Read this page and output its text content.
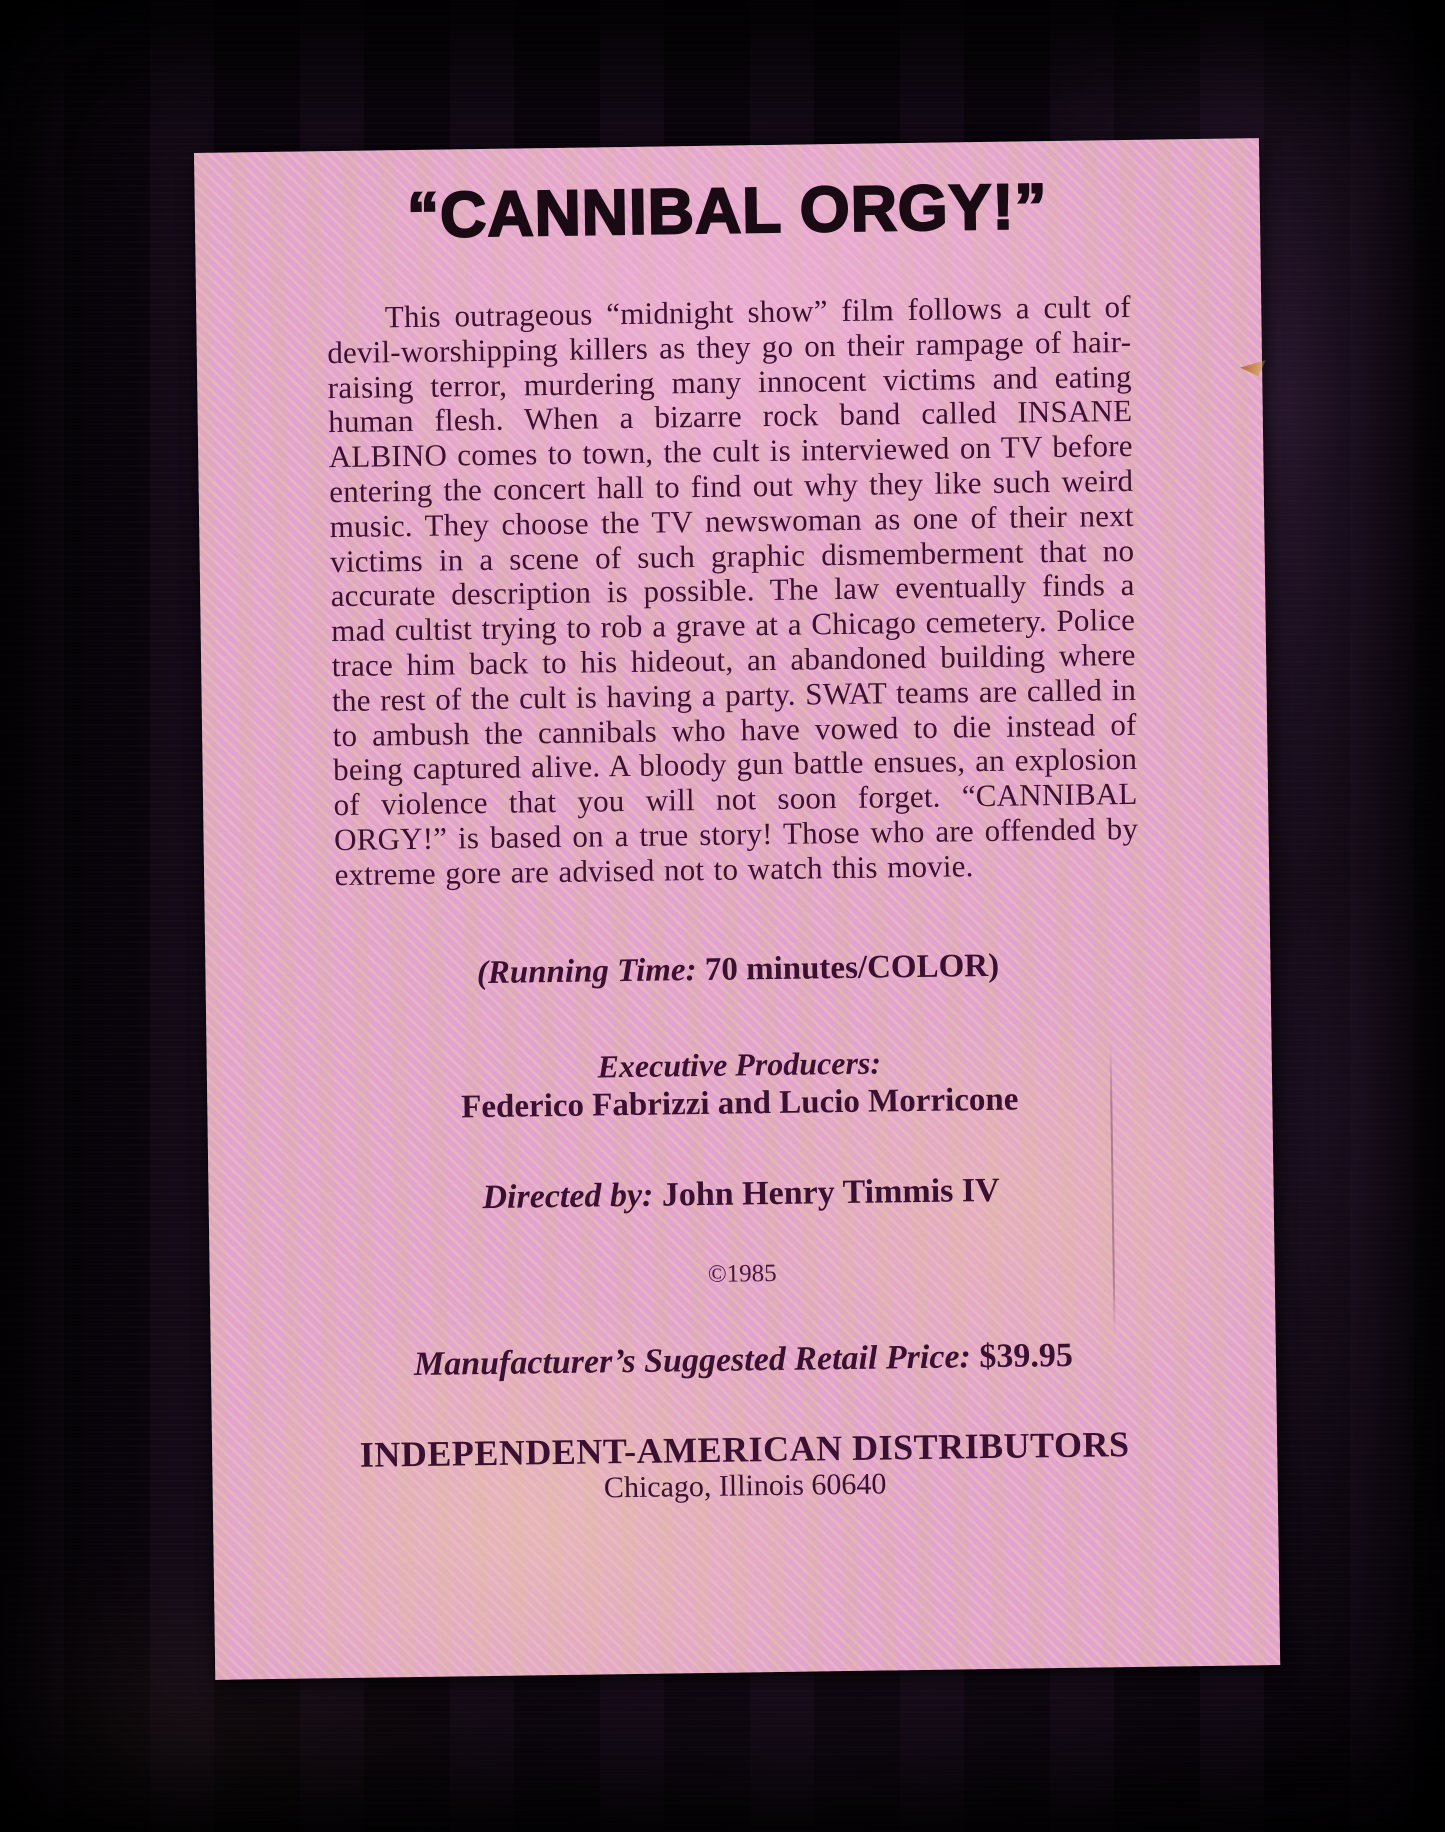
“CANNIBAL ORGY!”

This outrageous “midnight show” film follows a cult of devil-worshipping killers as they go on their rampage of hair-raising terror, murdering many innocent victims and eating human flesh. When a bizarre rock band called INSANE ALBINO comes to town, the cult is interviewed on TV before entering the concert hall to find out why they like such weird music. They choose the TV newswoman as one of their next victims in a scene of such graphic dismemberment that no accurate description is possible. The law eventually finds a mad cultist trying to rob a grave at a Chicago cemetery. Police trace him back to his hideout, an abandoned building where the rest of the cult is having a party. SWAT teams are called in to ambush the cannibals who have vowed to die instead of being captured alive. A bloody gun battle ensues, an explosion of violence that you will not soon forget. “CANNIBAL ORGY!” is based on a true story! Those who are offended by extreme gore are advised not to watch this movie.

(Running Time: 70 minutes/COLOR)

Executive Producers:

Federico Fabrizzi and Lucio Morricone

Directed by: John Henry Timmis IV

©1985

Manufacturer’s Suggested Retail Price: $39.95

INDEPENDENT-AMERICAN DISTRIBUTORS

Chicago, Illinois 60640
